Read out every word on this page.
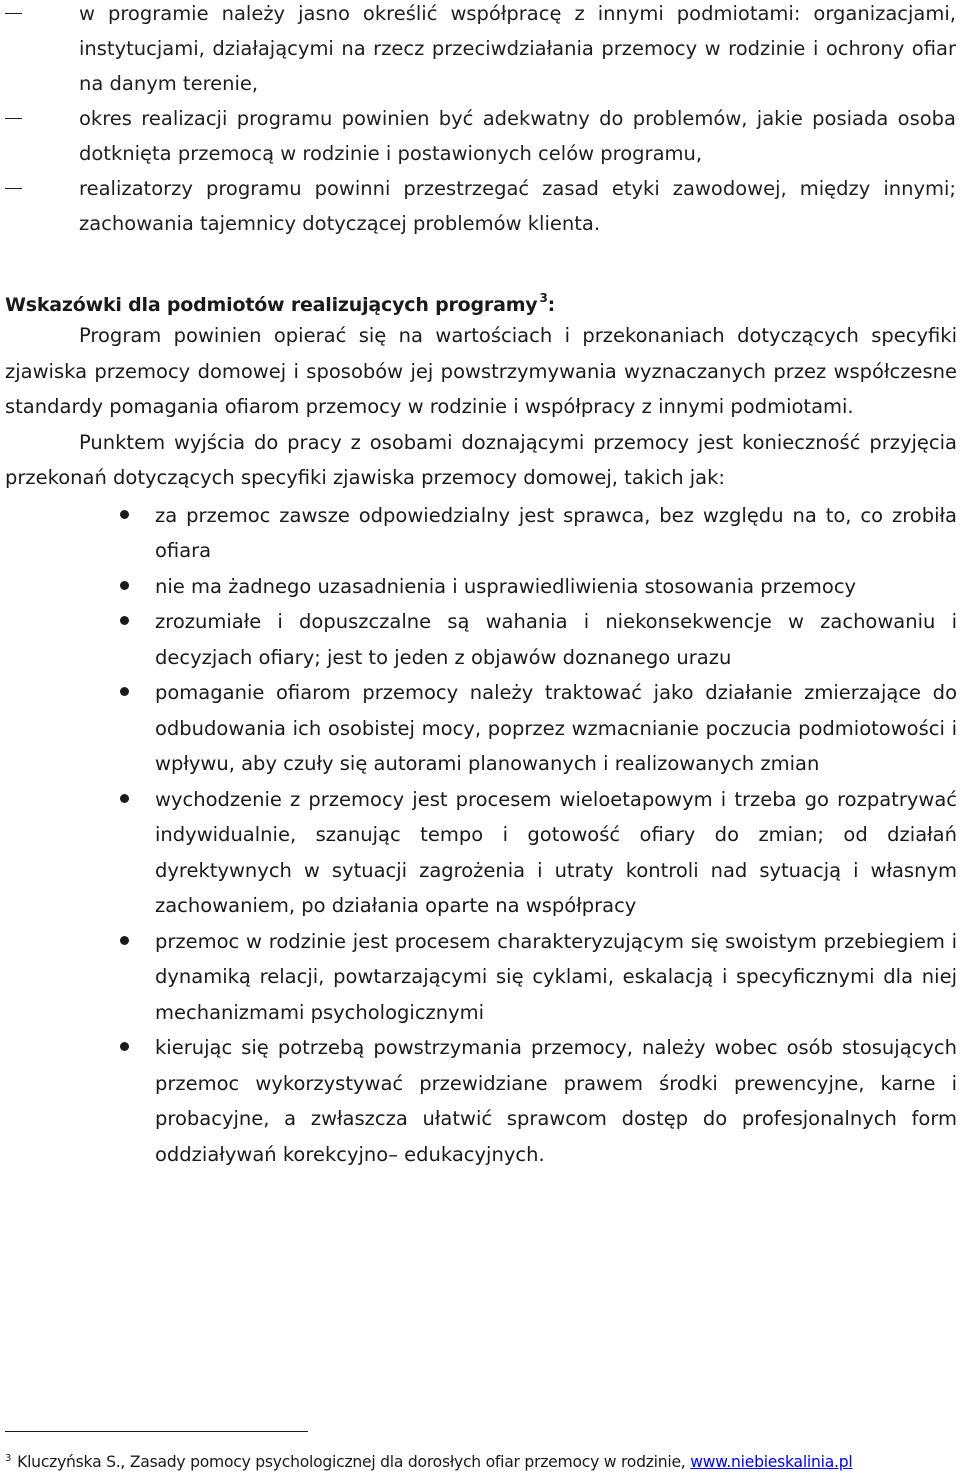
w programie należy jasno określić współpracę z innymi podmiotami: organizacjami, instytucjami, działającymi na rzecz przeciwdziałania przemocy w rodzinie i ochrony ofiar na danym terenie,
okres realizacji programu powinien być adekwatny do problemów, jakie posiada osoba dotknięta przemocą w rodzinie i postawionych celów programu,
realizatorzy programu powinni przestrzegać zasad etyki zawodowej, między innymi; zachowania tajemnicy dotyczącej problemów klienta.
Wskazówki dla podmiotów realizujących programy $^3$:

Program powinien opierać się na wartościach i przekonaniach dotyczących specyfiki zjawiska przemocy domowej i sposobów jej powstrzymywania wyznaczanych przez współczesne standardy pomagania ofiarom przemocy w rodzinie i współpracy z innymi podmiotami.

Punktem wyjścia do pracy z osobami doznającymi przemocy jest konieczność przyjęcia przekonań dotyczących specyfiki zjawiska przemocy domowej, takich jak:

za przemoc zawsze odpowiedzialny jest sprawca, bez względu na to, co zrobiła ofiara
nie ma żadnego uzasadnienia i usprawiedliwienia stosowania przemocy
zrozumiałe i dopuszczalne są wahania i niekonsekwencje w zachowaniu i decyzjach ofiary; jest to jeden z objawów doznanego urazu
pomaganie ofiarom przemocy należy traktować jako działanie zmierzające do odbudowania ich osobistej mocy, poprzez wzmacnianie poczucia podmiotowości i wpływu, aby czuły się autorami planowanych i realizowanych zmian
wychodzenie z przemocy jest procesem wieloetapowym i trzeba go rozpatrywać indywidualnie, szanując tempo i gotowość ofiary do zmian; od działań dyrektywnych w sytuacji zagrożenia i utraty kontroli nad sytuacją i własnym zachowaniem, po działania oparte na współpracy
przemoc w rodzinie jest procesem charakteryzującym się swoistym przebiegiem i dynamiką relacji, powtarzającymi się cyklami, eskalacją i specyficznymi dla niej mechanizmami psychologicznymi
kierując się potrzebą powstrzymania przemocy, należy wobec osób stosujących przemoc wykorzystywać przewidziane prawem środki prewencyjne, karne i probacyjne, a zwłaszcza ułatwić sprawcom dostęp do profesjonalnych form oddziaływań korekcyjno– edukacyjnych.

$^3$ Kluczyńska S., Zasady pomocy psychologicznej dla dorosłych ofiar przemocy w rodzinie, www.niebieskalinia.pl
